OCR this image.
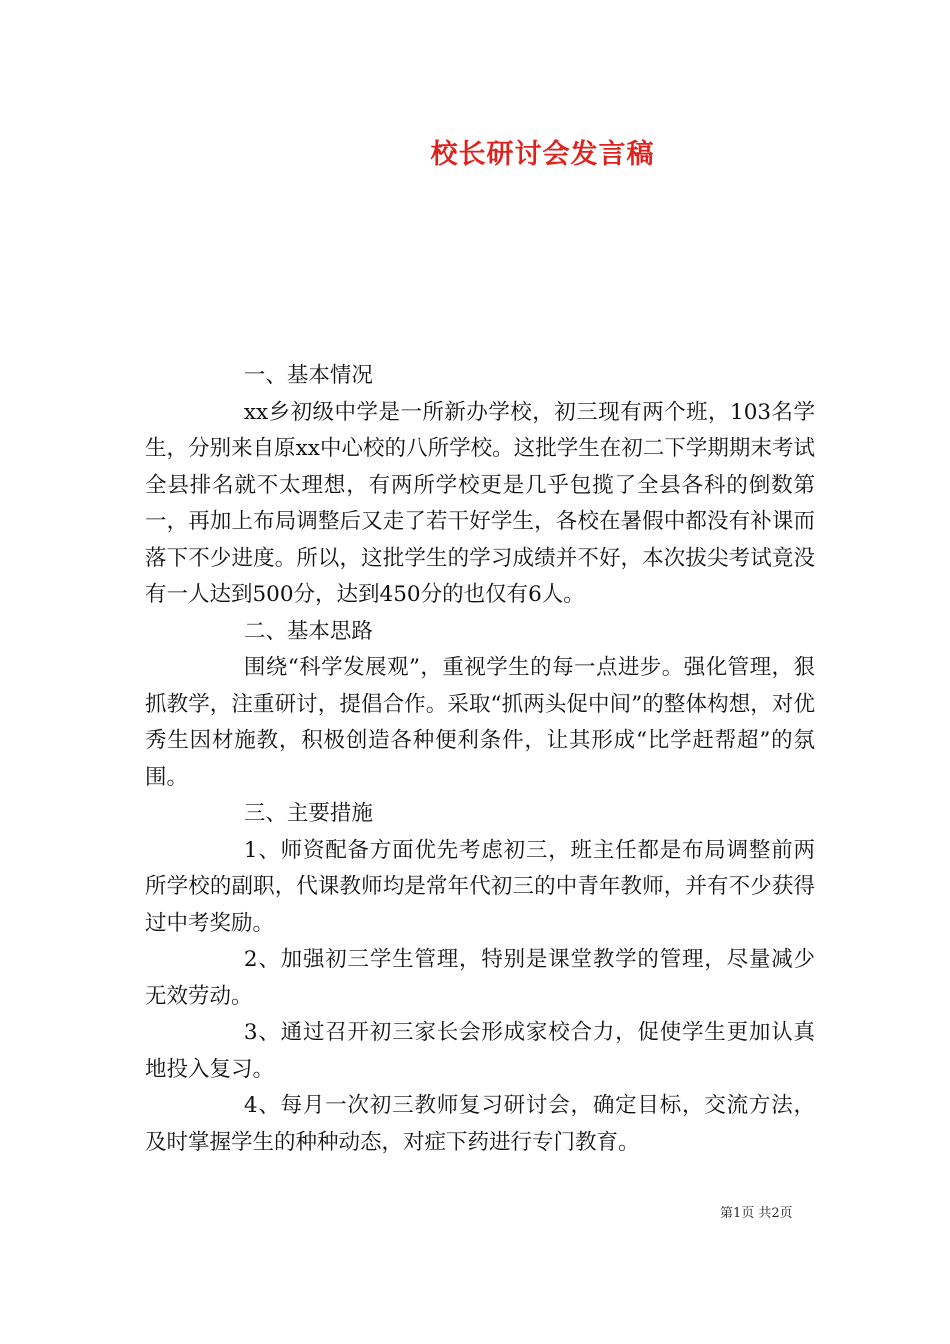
校长研讨会发言稿

一、基本情况

xx乡初级中学是一所新办学校，初三现有两个班，103名学生，分别来自原xx中心校的八所学校。这批学生在初二下学期期末考试全县排名就不太理想，有两所学校更是几乎包揽了全县各科的倒数第一，再加上布局调整后又走了若干好学生，各校在暑假中都没有补课而落下不少进度。所以，这批学生的学习成绩并不好，本次拔尖考试竟没有一人达到500分，达到450分的也仅有6人。

二、基本思路

围绕“科学发展观”，重视学生的每一点进步。强化管理，狠抓教学，注重研讨，提倡合作。采取“抓两头促中间”的整体构想，对优秀生因材施教，积极创造各种便利条件，让其形成“比学赶帮超”的氛围。

三、主要措施

1、师资配备方面优先考虑初三，班主任都是布局调整前两所学校的副职，代课教师均是常年代初三的中青年教师，并有不少获得过中考奖励。

2、加强初三学生管理，特别是课堂教学的管理，尽量减少无效劳动。

3、通过召开初三家长会形成家校合力，促使学生更加认真地投入复习。

4、每月一次初三教师复习研讨会，确定目标，交流方法，及时掌握学生的种种动态，对症下药进行专门教育。

第1页 共2页
